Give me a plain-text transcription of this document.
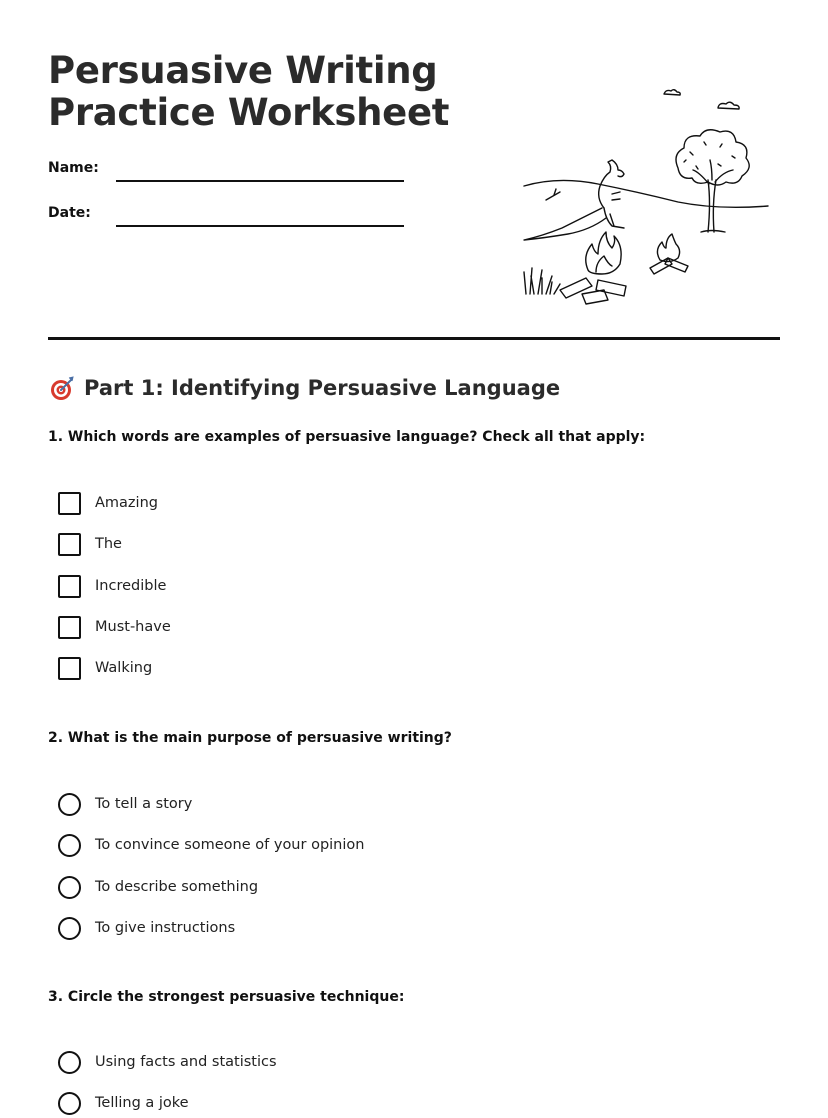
Persuasive Writing
Practice Worksheet
Name:
Date:
Part 1: Identifying Persuasive Language
1. Which words are examples of persuasive language? Check all that apply:
Amazing
The
Incredible
Must-have
Walking
2. What is the main purpose of persuasive writing?
To tell a story
To convince someone of your opinion
To describe something
To give instructions
3. Circle the strongest persuasive technique:
Using facts and statistics
Telling a joke
